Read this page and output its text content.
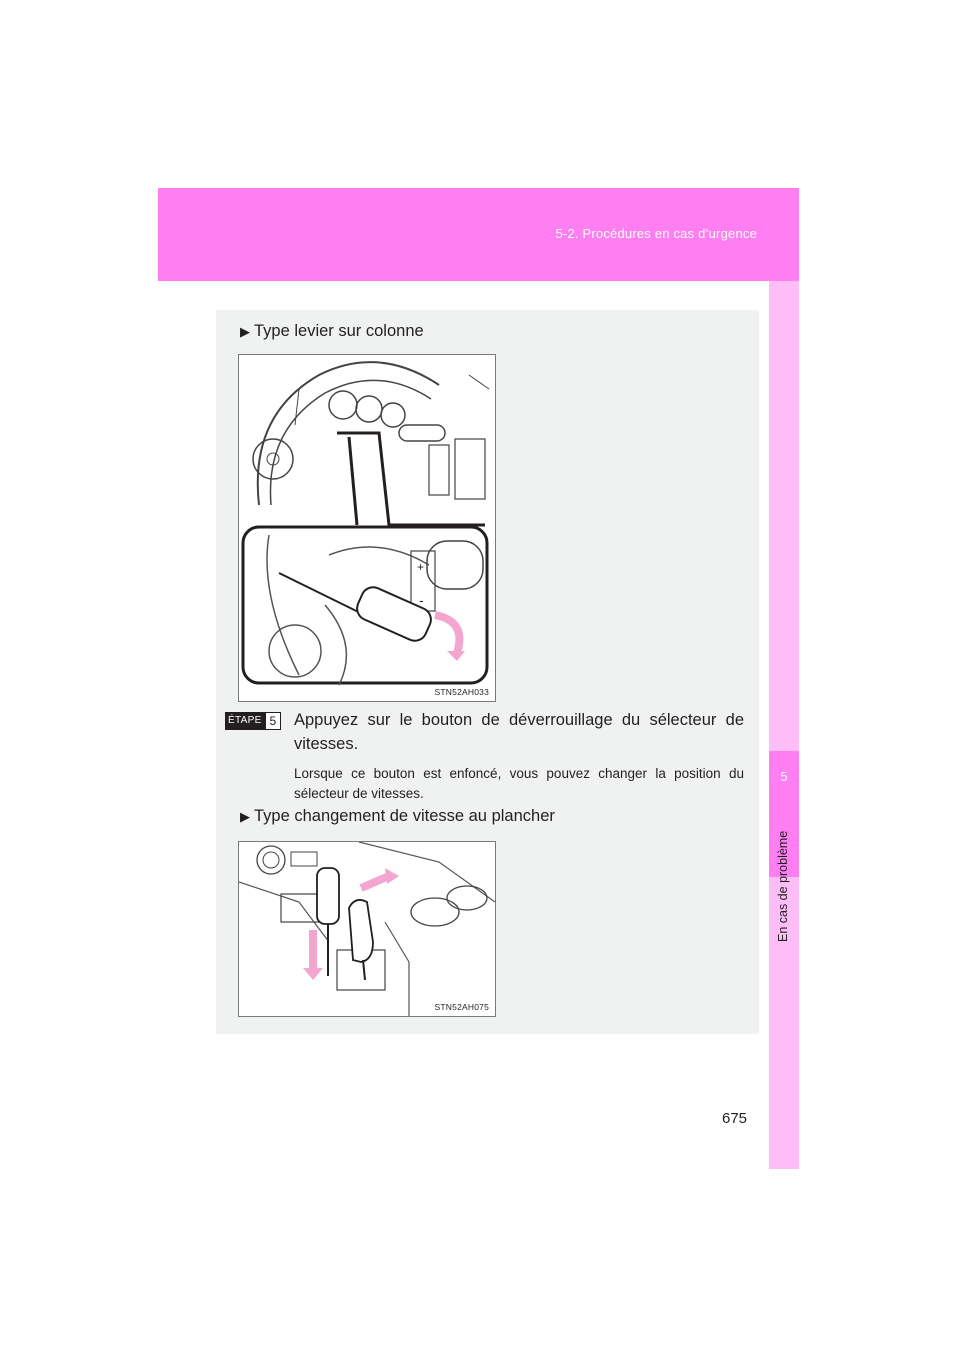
5-2. Procédures en cas d’urgence
5
En cas de problème
▶ Type levier sur colonne
+
-
STN52AH033
ÉTAPE 5	Appuyez sur le bouton de déverrouillage du sélecteur de vitesses.
Lorsque ce bouton est enfoncé, vous pouvez changer la position du sélecteur de vitesses.
▶ Type changement de vitesse au plancher
STN52AH075
675
